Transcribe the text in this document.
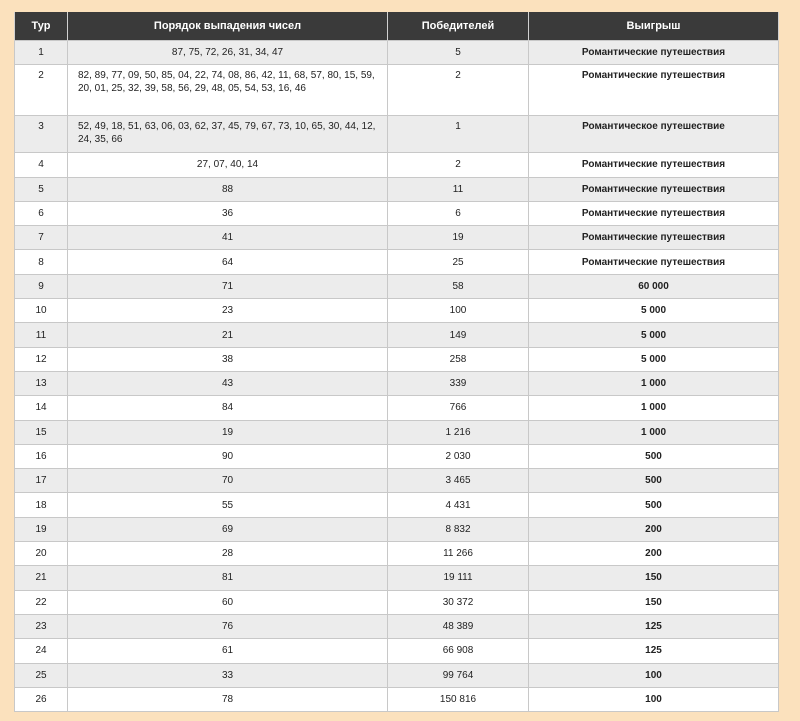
Тур	Порядок выпадения чисел	Победителей	Выигрыш
1	87, 75, 72, 26, 31, 34, 47	5	Романтические путешествия
2	82, 89, 77, 09, 50, 85, 04, 22, 74, 08, 86, 42, 11, 68, 57, 80, 15, 59, 20, 01, 25, 32, 39, 58, 56, 29, 48, 05, 54, 53, 16, 46	2	Романтические путешествия
3	52, 49, 18, 51, 63, 06, 03, 62, 37, 45, 79, 67, 73, 10, 65, 30, 44, 12, 24, 35, 66	1	Романтическое путешествие
4	27, 07, 40, 14	2	Романтические путешествия
5	88	11	Романтические путешествия
6	36	6	Романтические путешествия
7	41	19	Романтические путешествия
8	64	25	Романтические путешествия
9	71	58	60 000
10	23	100	5 000
11	21	149	5 000
12	38	258	5 000
13	43	339	1 000
14	84	766	1 000
15	19	1 216	1 000
16	90	2 030	500
17	70	3 465	500
18	55	4 431	500
19	69	8 832	200
20	28	11 266	200
21	81	19 111	150
22	60	30 372	150
23	76	48 389	125
24	61	66 908	125
25	33	99 764	100
26	78	150 816	100
